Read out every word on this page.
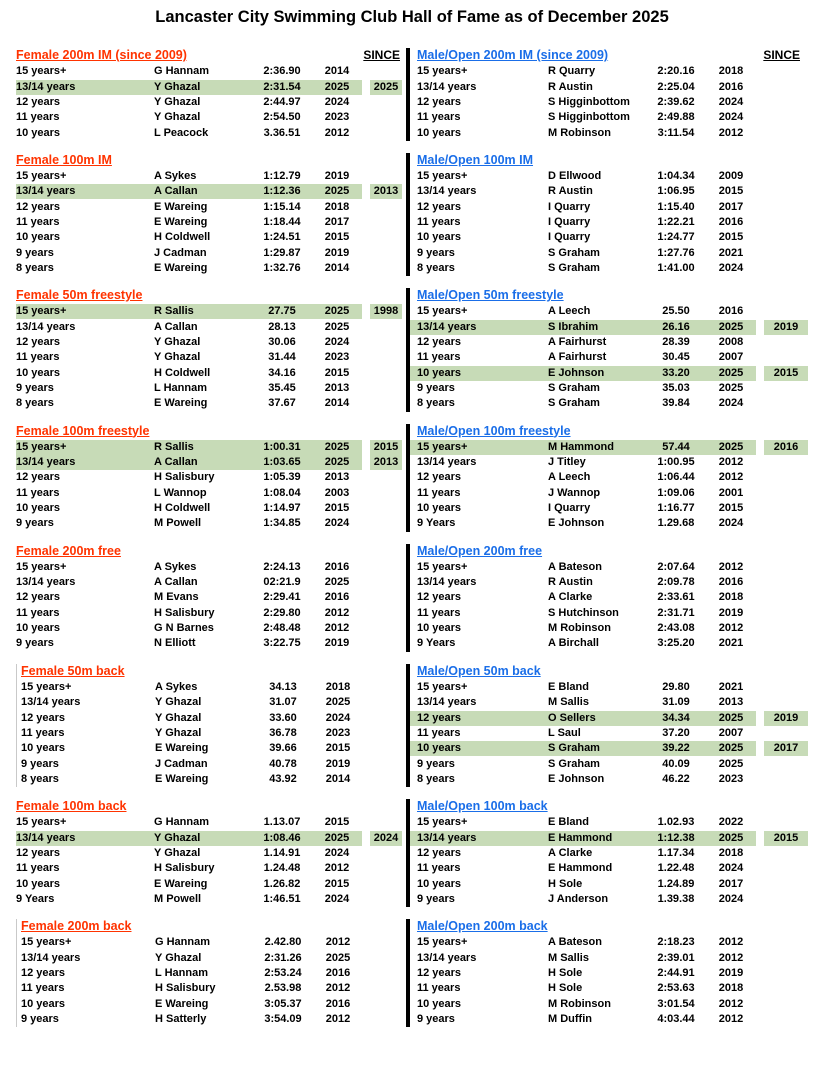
Lancaster City Swimming Club Hall of Fame as of December 2025
Female 200m IM (since 2009)	SINCE
15 years+	G Hannam	2:36.90	2014
13/14 years	Y Ghazal	2:31.54	2025	2025
12 years	Y Ghazal	2:44.97	2024
11 years	Y Ghazal	2:54.50	2023
10 years	L Peacock	3.36.51	2012
Female 100m IM
15 years+	A Sykes	1:12.79	2019
13/14 years	A Callan	1:12.36	2025	2013
12 years	E Wareing	1:15.14	2018
11 years	E Wareing	1:18.44	2017
10 years	H Coldwell	1:24.51	2015
9 years	J Cadman	1:29.87	2019
8 years	E Wareing	1:32.76	2014
Female 50m freestyle
15 years+	R Sallis	27.75	2025	1998
13/14 years	A Callan	28.13	2025
12 years	Y Ghazal	30.06	2024
11 years	Y Ghazal	31.44	2023
10 years	H Coldwell	34.16	2015
9 years	L Hannam	35.45	2013
8 years	E Wareing	37.67	2014
Female 100m freestyle
15 years+	R Sallis	1:00.31	2025	2015
13/14 years	A Callan	1:03.65	2025	2013
12 years	H Salisbury	1:05.39	2013
11 years	L Wannop	1:08.04	2003
10 years	H Coldwell	1:14.97	2015
9 years	M Powell	1:34.85	2024
Female 200m free
15 years+	A Sykes	2:24.13	2016
13/14 years	A Callan	02:21.9	2025
12 years	M Evans	2:29.41	2016
11 years	H Salisbury	2:29.80	2012
10 years	G N Barnes	2:48.48	2012
9 years	N Elliott	3:22.75	2019
Female 50m back
15 years+	A Sykes	34.13	2018
13/14 years	Y Ghazal	31.07	2025
12 years	Y Ghazal	33.60	2024
11 years	Y Ghazal	36.78	2023
10 years	E Wareing	39.66	2015
9 years	J Cadman	40.78	2019
8 years	E Wareing	43.92	2014
Female 100m back
15 years+	G Hannam	1.13.07	2015
13/14 years	Y Ghazal	1:08.46	2025	2024
12 years	Y Ghazal	1.14.91	2024
11 years	H Salisbury	1.24.48	2012
10 years	E Wareing	1.26.82	2015
9 Years	M Powell	1:46.51	2024
Female 200m back
15 years+	G Hannam	2.42.80	2012
13/14 years	Y Ghazal	2:31.26	2025
12 years	L Hannam	2:53.24	2016
11 years	H Salisbury	2.53.98	2012
10 years	E Wareing	3:05.37	2016
9 years	H Satterly	3:54.09	2012
Male/Open 200m IM (since 2009)	SINCE
15 years+	R Quarry	2:20.16	2018
13/14 years	R Austin	2:25.04	2016
12 years	S Higginbottom	2:39.62	2024
11 years	S Higginbottom	2:49.88	2024
10 years	M Robinson	3:11.54	2012
Male/Open 100m IM
15 years+	D Ellwood	1:04.34	2009
13/14 years	R Austin	1:06.95	2015
12 years	I Quarry	1:15.40	2017
11 years	I Quarry	1:22.21	2016
10 years	I Quarry	1:24.77	2015
9 years	S Graham	1:27.76	2021
8 years	S Graham	1:41.00	2024
Male/Open 50m freestyle
15 years+	A Leech	25.50	2016
13/14 years	S Ibrahim	26.16	2025	2019
12 years	A Fairhurst	28.39	2008
11 years	A Fairhurst	30.45	2007
10 years	E Johnson	33.20	2025	2015
9 years	S Graham	35.03	2025
8 years	S Graham	39.84	2024
Male/Open 100m freestyle
15 years+	M Hammond	57.44	2025	2016
13/14 years	J Titley	1:00.95	2012
12 years	A Leech	1:06.44	2012
11 years	J Wannop	1:09.06	2001
10 years	I Quarry	1:16.77	2015
9 Years	E Johnson	1.29.68	2024
Male/Open 200m free
15 years+	A Bateson	2:07.64	2012
13/14 years	R Austin	2:09.78	2016
12 years	A Clarke	2:33.61	2018
11 years	S Hutchinson	2:31.71	2019
10 years	M Robinson	2:43.08	2012
9 Years	A Birchall	3:25.20	2021
Male/Open 50m back
15 years+	E Bland	29.80	2021
13/14 years	M Sallis	31.09	2013
12 years	O Sellers	34.34	2025	2019
11 years	L Saul	37.20	2007
10 years	S Graham	39.22	2025	2017
9 years	S Graham	40.09	2025
8 years	E Johnson	46.22	2023
Male/Open 100m back
15 years+	E Bland	1.02.93	2022
13/14 years	E Hammond	1:12.38	2025	2015
12 years	A Clarke	1.17.34	2018
11 years	E Hammond	1.22.48	2024
10 years	H Sole	1.24.89	2017
9 years	J Anderson	1.39.38	2024
Male/Open 200m back
15 years+	A Bateson	2:18.23	2012
13/14 years	M Sallis	2:39.01	2012
12 years	H Sole	2:44.91	2019
11 years	H Sole	2:53.63	2018
10 years	M Robinson	3:01.54	2012
9 years	M Duffin	4:03.44	2012
